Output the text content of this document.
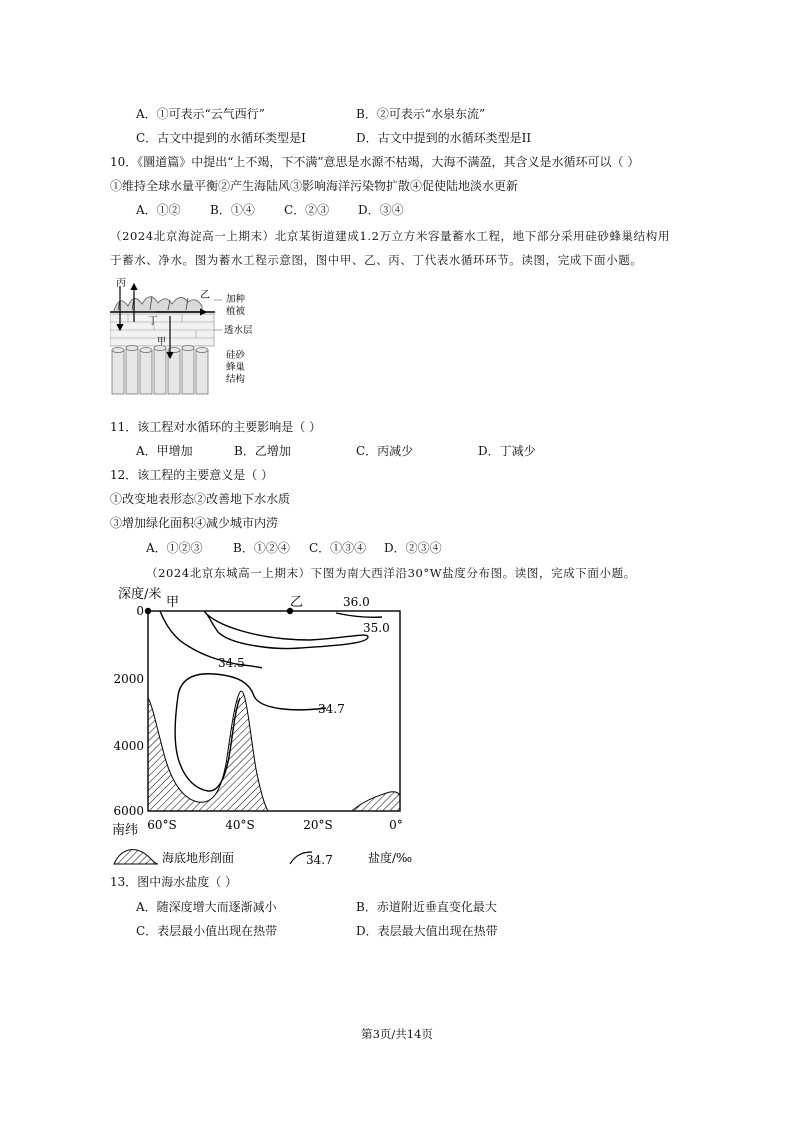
A．①可表示“云气西行”	B．②可表示“水泉东流”
C．古文中提到的水循环类型是I	D．古文中提到的水循环类型是II
10．《圜道篇》中提出“上不竭，下不满”意思是水源不枯竭，大海不满盈，其含义是水循环可以（ ）
①维持全球水量平衡②产生海陆风③影响海洋污染物扩散④促使陆地淡水更新
A．①② B．①④ C．②③ D．③④
（2024北京海淀高一上期末）北京某街道建成1.2万立方米容量蓄水工程，地下部分采用硅砂蜂巢结构用
于蓄水、净水。图为蓄水工程示意图，图中甲、乙、丙、丁代表水循环环节。读图，完成下面小题。
丙
乙
丁
甲
加种
植被
透水层
硅砂
蜂巢
结构
11．该工程对水循环的主要影响是（ ）
A．甲增加	B．乙增加	C．丙减少	D．丁减少
12．该工程的主要意义是（ ）
①改变地表形态②改善地下水水质
③增加绿化面积④减少城市内涝
A．①②③	B．①②④ C．①③④ D．②③④
（2024北京东城高一上期末）下图为南大西洋沿30°W盐度分布图。读图，完成下面小题。
甲	乙	36.0
35.0
34.5
34.7
深度/米
0
2000
4000
6000
南纬 60°S	40°S	20°S	0°
海底地形剖面	34.7	盐度/‰
13．图中海水盐度（ ）
A．随深度增大而逐渐减小	B．赤道附近垂直变化最大
C．表层最小值出现在热带	D．表层最大值出现在热带
第3页/共14页
